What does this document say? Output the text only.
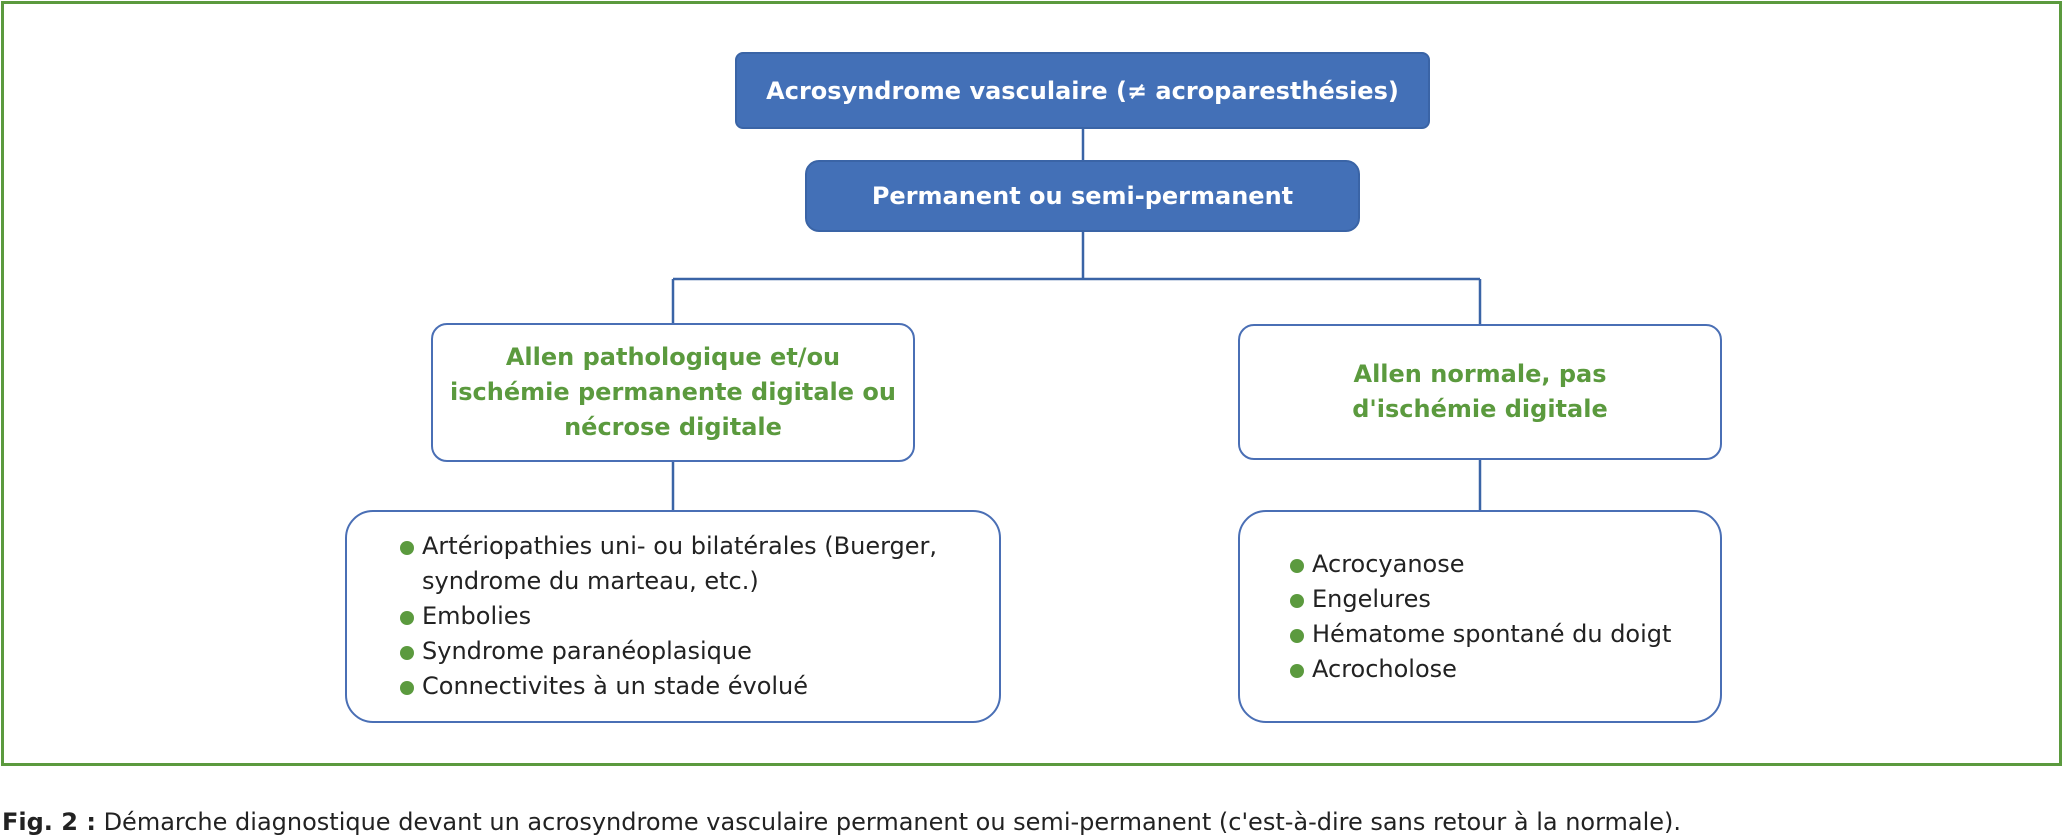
Acrosyndrome vasculaire (≠ acroparesthésies)
Permanent ou semi-permanent
Allen pathologique et/ou ischémie permanente digitale ou nécrose digitale
Allen normale, pas d'ischémie digitale
Artériopathies uni- ou bilatérales (Buerger, syndrome du marteau, etc.)
Embolies
Syndrome paranéoplasique
Connectivites à un stade évolué
Acrocyanose
Engelures
Hématome spontané du doigt
Acrocholose
Fig. 2 : Démarche diagnostique devant un acrosyndrome vasculaire permanent ou semi-permanent (c'est-à-dire sans retour à la normale).
